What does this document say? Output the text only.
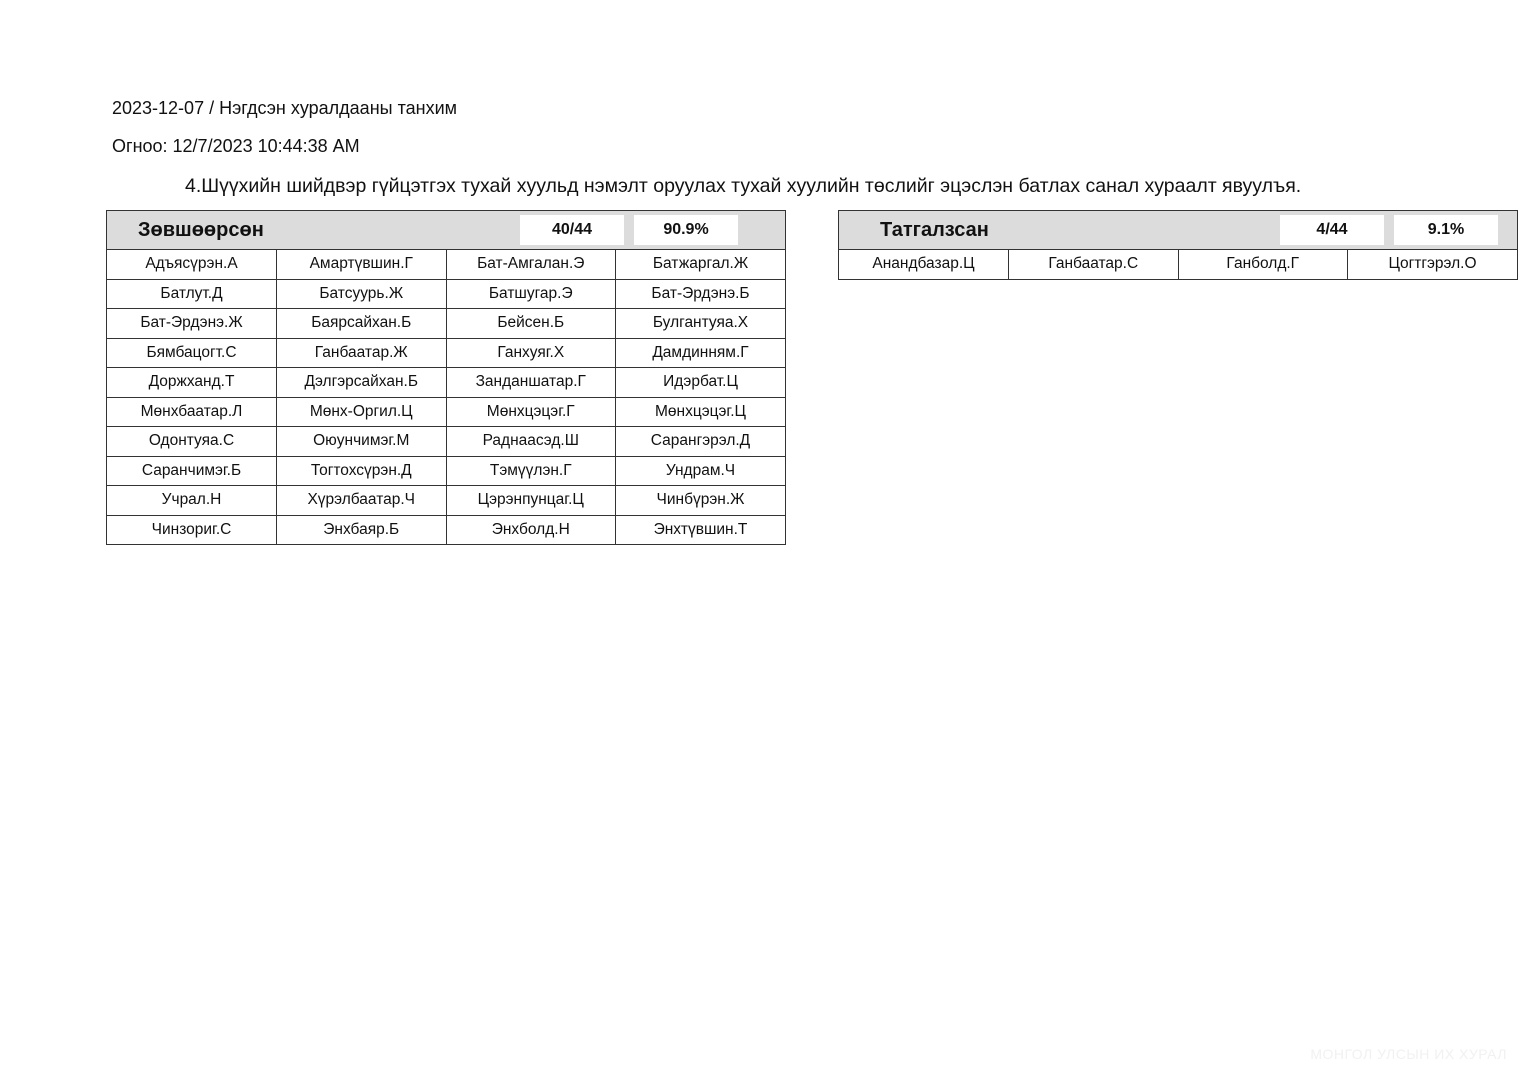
2023-12-07 / Нэгдсэн хуралдааны танхим
Огноо: 12/7/2023 10:44:38 AM
4.Шүүхийн шийдвэр гүйцэтгэх тухай хуульд нэмэлт оруулах тухай хуулийн төслийг эцэслэн батлах санал хураалт явуулъя.
Зөвшөөрсөн	40/44	90.9%
Адъясүрэн.А	Амартүвшин.Г	Бат-Амгалан.Э	Батжаргал.Ж
Батлут.Д	Батсуурь.Ж	Батшугар.Э	Бат-Эрдэнэ.Б
Бат-Эрдэнэ.Ж	Баярсайхан.Б	Бейсен.Б	Булгантуяа.Х
Бямбацогт.С	Ганбаатар.Ж	Ганхуяг.Х	Дамдинням.Г
Доржханд.Т	Дэлгэрсайхан.Б	Занданшатар.Г	Идэрбат.Ц
Мөнхбаатар.Л	Мөнх-Оргил.Ц	Мөнхцэцэг.Г	Мөнхцэцэг.Ц
Одонтуяа.С	Оюунчимэг.М	Раднаасэд.Ш	Сарангэрэл.Д
Саранчимэг.Б	Тогтохсүрэн.Д	Тэмүүлэн.Г	Ундрам.Ч
Учрал.Н	Хүрэлбаатар.Ч	Цэрэнпунцаг.Ц	Чинбүрэн.Ж
Чинзориг.С	Энхбаяр.Б	Энхболд.Н	Энхтүвшин.Т
Татгалзсан	4/44	9.1%
Анандбазар.Ц	Ганбаатар.С	Ганболд.Г	Цогтгэрэл.О
МОНГОЛ УЛСЫН ИХ ХУРАЛ
